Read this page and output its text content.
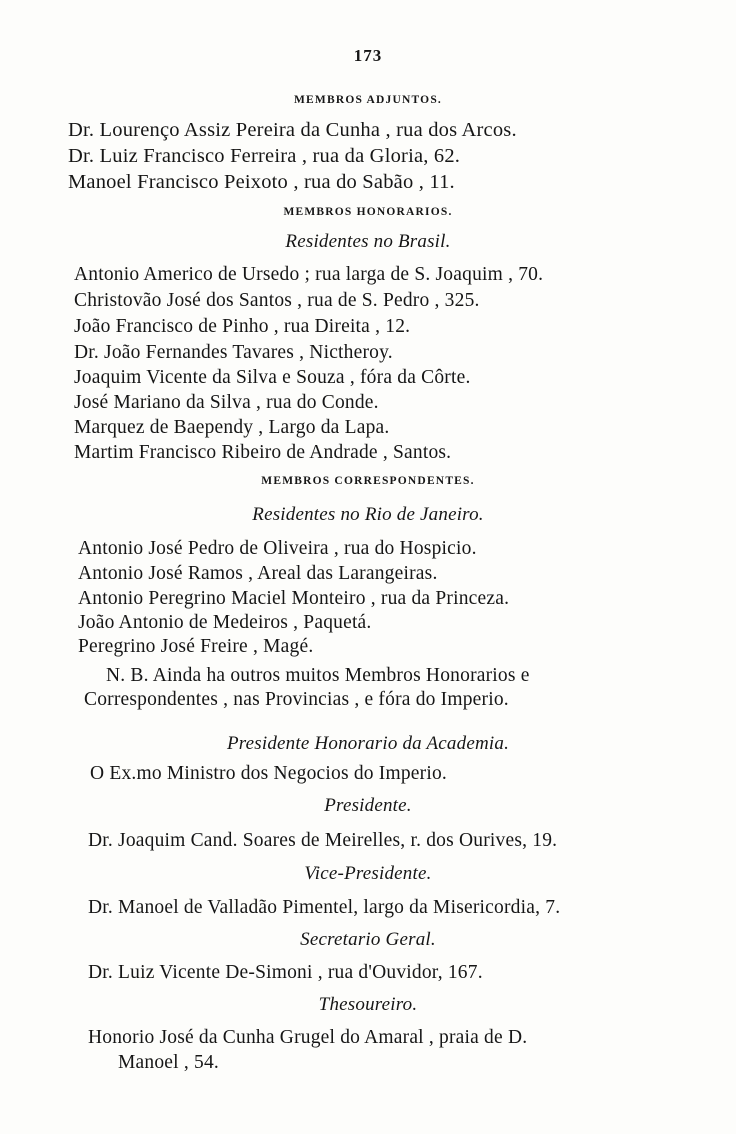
173
MEMBROS ADJUNTOS.
Dr. Lourenço Assiz Pereira da Cunha , rua dos Arcos.
Dr. Luiz Francisco Ferreira , rua da Gloria, 62.
Manoel Francisco Peixoto , rua do Sabão , 11.
MEMBROS HONORARIOS.
Residentes no Brasil.
Antonio Americo de Ursedo ; rua larga de S. Joaquim , 70.
Christovão José dos Santos , rua de S. Pedro , 325.
João Francisco de Pinho , rua Direita , 12.
Dr. João Fernandes Tavares , Nictheroy.
Joaquim Vicente da Silva e Souza , fóra da Côrte.
José Mariano da Silva , rua do Conde.
Marquez de Baependy , Largo da Lapa.
Martim Francisco Ribeiro de Andrade , Santos.
MEMBROS CORRESPONDENTES.
Residentes no Rio de Janeiro.
Antonio José Pedro de Oliveira , rua do Hospicio.
Antonio José Ramos , Areal das Larangeiras.
Antonio Peregrino Maciel Monteiro , rua da Princeza.
João Antonio de Medeiros , Paquetá.
Peregrino José Freire , Magé.
N. B. Ainda ha outros muitos Membros Honorarios e
Correspondentes , nas Provincias , e fóra do Imperio.
Presidente Honorario da Academia.
O Ex.mo Ministro dos Negocios do Imperio.
Presidente.
Dr. Joaquim Cand. Soares de Meirelles, r. dos Ourives, 19.
Vice-Presidente.
Dr. Manoel de Valladão Pimentel, largo da Misericordia, 7.
Secretario Geral.
Dr. Luiz Vicente De-Simoni , rua d'Ouvidor, 167.
Thesoureiro.
Honorio José da Cunha Grugel do Amaral , praia de D.
Manoel , 54.
